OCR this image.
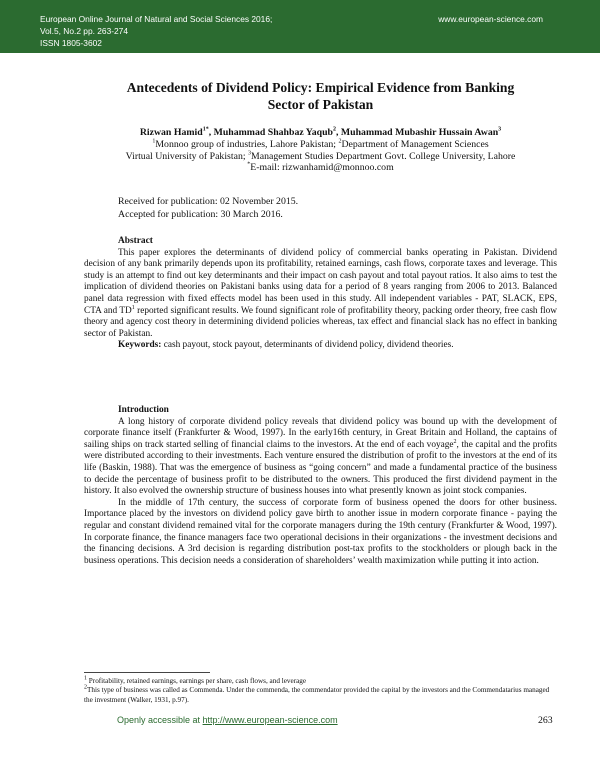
European Online Journal of Natural and Social Sciences 2016;
Vol.5, No.2 pp. 263-274
ISSN 1805-3602
www.european-science.com
Antecedents of Dividend Policy: Empirical Evidence from Banking
Sector of Pakistan
Rizwan Hamid$^{1*}$, Muhammad Shahbaz Yaqub$^2$, Muhammad Mubashir Hussain Awan$^3$
$^1$Monnoo group of industries, Lahore Pakistan; $^2$Department of Management Sciences
Virtual University of Pakistan; $^3$Management Studies Department Govt. College University, Lahore
*E-mail: rizwanhamid@monnoo.com
Received for publication: 02 November 2015.
Accepted for publication: 30 March 2016.
Abstract
This paper explores the determinants of dividend policy of commercial banks operating in Pakistan. Dividend decision of any bank primarily depends upon its profitability, retained earnings, cash flows, corporate taxes and leverage. This study is an attempt to find out key determinants and their impact on cash payout and total payout ratios. It also aims to test the implication of dividend theories on Pakistani banks using data for a period of 8 years ranging from 2006 to 2013. Balanced panel data regression with fixed effects model has been used in this study. All independent variables - PAT, SLACK, EPS, CTA and $TD^1$ reported significant results. We found significant role of profitability theory, packing order theory, free cash flow theory and agency cost theory in determining dividend policies whereas, tax effect and financial slack has no effect in banking sector of Pakistan.
Keywords: cash payout, stock payout, determinants of dividend policy, dividend theories.
Introduction
A long history of corporate dividend policy reveals that dividend policy was bound up with the development of corporate finance itself (Frankfurter & Wood, 1997). In the early16th century, in Great Britain and Holland, the captains of sailing ships on track started selling of financial claims to the investors. At the end of each voyage$^2$, the capital and the profits were distributed according to their investments. Each venture ensured the distribution of profit to the investors at the end of its life (Baskin, 1988). That was the emergence of business as “going concern” and made a fundamental practice of the business to decide the percentage of business profit to be distributed to the owners. This produced the first dividend payment in the history. It also evolved the ownership structure of business houses into what presently known as joint stock companies.
In the middle of 17th century, the success of corporate form of business opened the doors for other business. Importance placed by the investors on dividend policy gave birth to another issue in modern corporate finance - paying the regular and constant dividend remained vital for the corporate managers during the 19th century (Frankfurter & Wood, 1997). In corporate finance, the finance managers face two operational decisions in their organizations - the investment decisions and the financing decisions. A 3rd decision is regarding distribution post-tax profits to the stockholders or plough back in the business operations. This decision needs a consideration of shareholders’ wealth maximization while putting it into action.
$^1$ Profitability, retained earnings, earnings per share, cash flows, and leverage
$^2$This type of business was called as Commenda. Under the commenda, the commendator provided the capital by the investors and the Commendatarius managed the investment (Walker, 1931, p.97).
Openly accessible at http://www.european-science.com	263
